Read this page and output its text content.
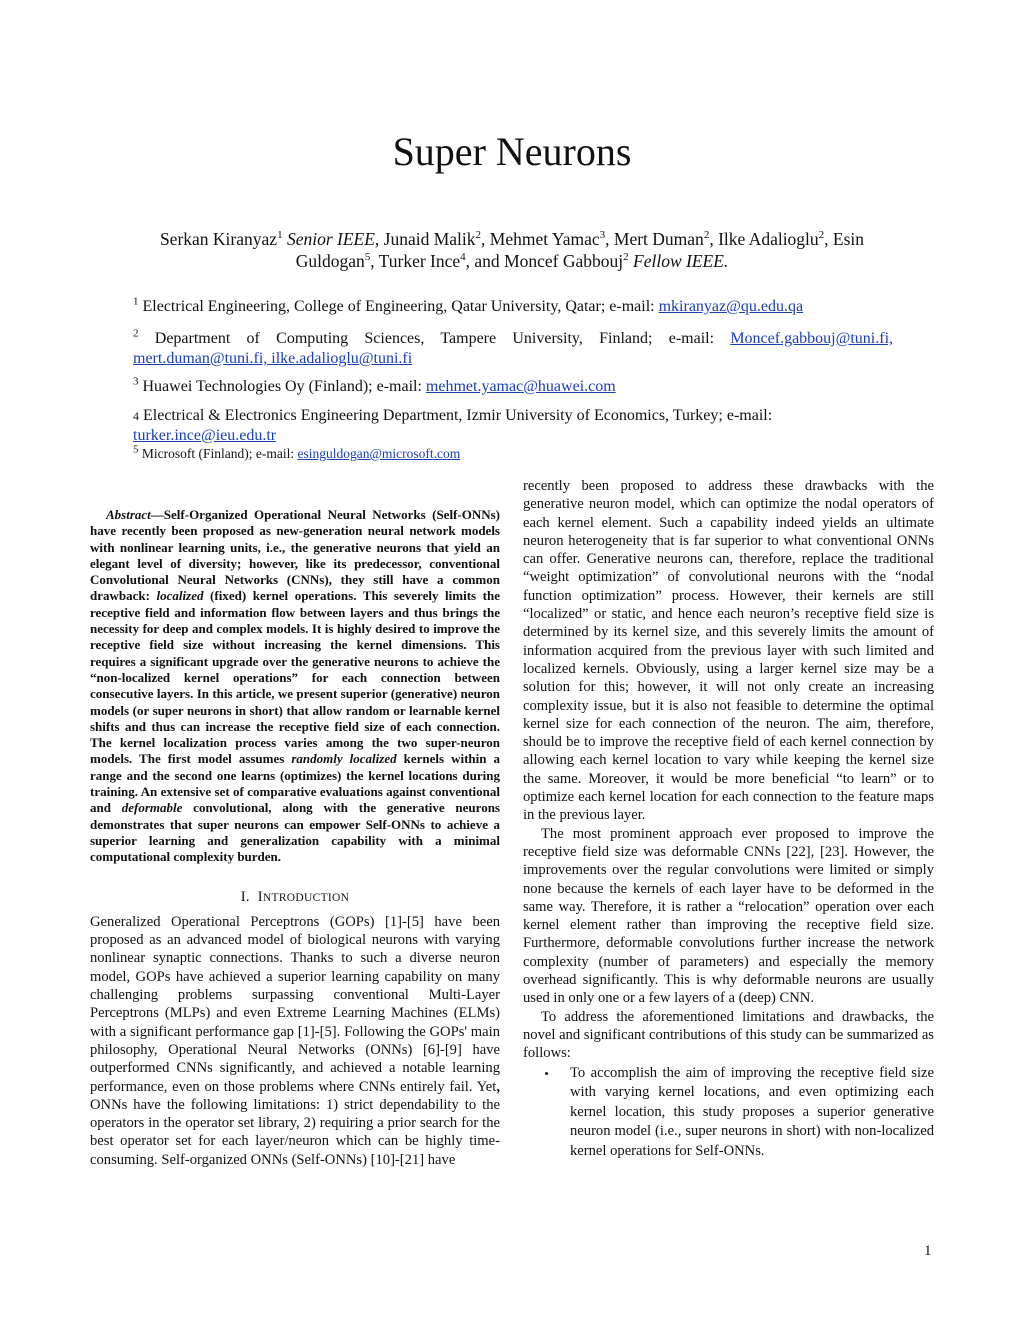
Super Neurons
Serkan Kiranyaz$^1$ Senior IEEE, Junaid Malik$^2$, Mehmet Yamac$^3$, Mert Duman$^2$, Ilke Adalioglu$^2$, Esin Guldogan$^5$, Turker Ince$^4$, and Moncef Gabbouj$^2$ Fellow IEEE.
$^1$ Electrical Engineering, College of Engineering, Qatar University, Qatar; e-mail: mkiranyaz@qu.edu.qa
$^2$ Department of Computing Sciences, Tampere University, Finland; e-mail: Moncef.gabbouj@tuni.fi, mert.duman@tuni.fi, ilke.adalioglu@tuni.fi
$^3$ Huawei Technologies Oy (Finland); e-mail: mehmet.yamac@huawei.com
4 Electrical & Electronics Engineering Department, Izmir University of Economics, Turkey; e-mail:
turker.ince@ieu.edu.tr
$^5$ Microsoft (Finland); e-mail: esinguldogan@microsoft.com

Abstract—Self-Organized Operational Neural Networks (Self-ONNs) have recently been proposed as new-generation neural network models with nonlinear learning units, i.e., the generative neurons that yield an elegant level of diversity; however, like its predecessor, conventional Convolutional Neural Networks (CNNs), they still have a common drawback: localized (fixed) kernel operations. This severely limits the receptive field and information flow between layers and thus brings the necessity for deep and complex models. It is highly desired to improve the receptive field size without increasing the kernel dimensions. This requires a significant upgrade over the generative neurons to achieve the “non-localized kernel operations” for each connection between consecutive layers. In this article, we present superior (generative) neuron models (or super neurons in short) that allow random or learnable kernel shifts and thus can increase the receptive field size of each connection. The kernel localization process varies among the two super-neuron models. The first model assumes randomly localized kernels within a range and the second one learns (optimizes) the kernel locations during training. An extensive set of comparative evaluations against conventional and deformable convolutional, along with the generative neurons demonstrates that super neurons can empower Self-ONNs to achieve a superior learning and generalization capability with a minimal computational complexity burden.

I. INTRODUCTION

Generalized Operational Perceptrons (GOPs) [1]-[5] have been proposed as an advanced model of biological neurons with varying nonlinear synaptic connections. Thanks to such a diverse neuron model, GOPs have achieved a superior learning capability on many challenging problems surpassing conventional Multi-Layer Perceptrons (MLPs) and even Extreme Learning Machines (ELMs) with a significant performance gap [1]-[5]. Following the GOPs' main philosophy, Operational Neural Networks (ONNs) [6]-[9] have outperformed CNNs significantly, and achieved a notable learning performance, even on those problems where CNNs entirely fail. Yet, ONNs have the following limitations: 1) strict dependability to the operators in the operator set library, 2) requiring a prior search for the best operator set for each layer/neuron which can be highly time-consuming. Self-organized ONNs (Self-ONNs) [10]-[21] have

recently been proposed to address these drawbacks with the generative neuron model, which can optimize the nodal operators of each kernel element. Such a capability indeed yields an ultimate neuron heterogeneity that is far superior to what conventional ONNs can offer. Generative neurons can, therefore, replace the traditional “weight optimization” of convolutional neurons with the “nodal function optimization” process. However, their kernels are still “localized” or static, and hence each neuron’s receptive field size is determined by its kernel size, and this severely limits the amount of information acquired from the previous layer with such limited and localized kernels. Obviously, using a larger kernel size may be a solution for this; however, it will not only create an increasing complexity issue, but it is also not feasible to determine the optimal kernel size for each connection of the neuron. The aim, therefore, should be to improve the receptive field of each kernel connection by allowing each kernel location to vary while keeping the kernel size the same. Moreover, it would be more beneficial “to learn” or to optimize each kernel location for each connection to the feature maps in the previous layer.

The most prominent approach ever proposed to improve the receptive field size was deformable CNNs [22], [23]. However, the improvements over the regular convolutions were limited or simply none because the kernels of each layer have to be deformed in the same way. Therefore, it is rather a “relocation” operation over each kernel element rather than improving the receptive field size. Furthermore, deformable convolutions further increase the network complexity (number of parameters) and especially the memory overhead significantly. This is why deformable neurons are usually used in only one or a few layers of a (deep) CNN.

To address the aforementioned limitations and drawbacks, the novel and significant contributions of this study can be summarized as follows:

•	To accomplish the aim of improving the receptive field size with varying kernel locations, and even optimizing each kernel location, this study proposes a superior generative neuron model (i.e., super neurons in short) with non-localized kernel operations for Self-ONNs.
1
